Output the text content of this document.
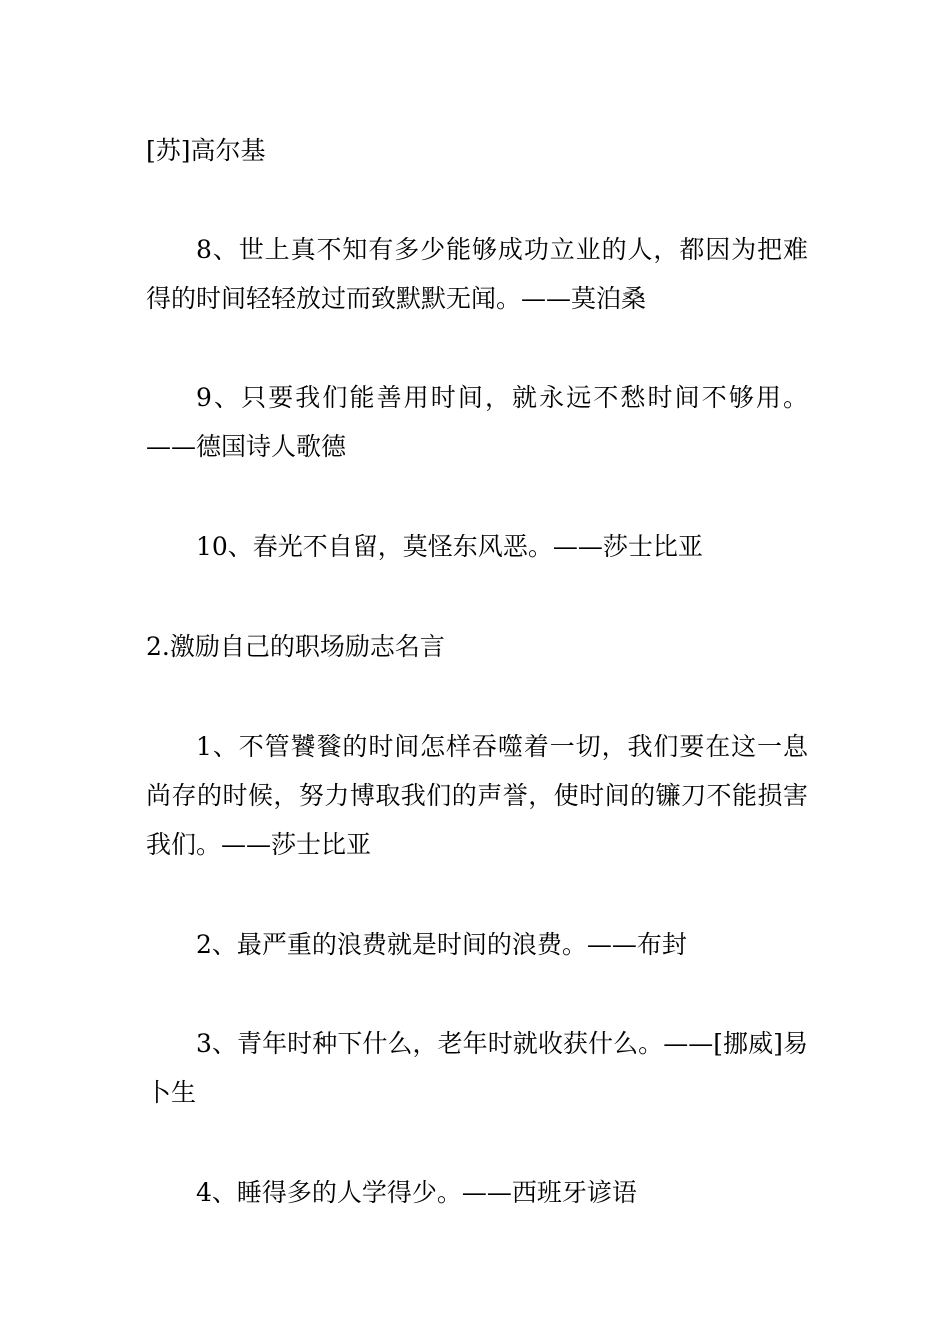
[苏]高尔基

8、世上真不知有多少能够成功立业的人，都因为把难得的时间轻轻放过而致默默无闻。——莫泊桑

9、只要我们能善用时间，就永远不愁时间不够用。——德国诗人歌德

10、春光不自留，莫怪东风恶。——莎士比亚

2.激励自己的职场励志名言

1、不管饕餮的时间怎样吞噬着一切，我们要在这一息尚存的时候，努力博取我们的声誉，使时间的镰刀不能损害我们。——莎士比亚

2、最严重的浪费就是时间的浪费。——布封

3、青年时种下什么，老年时就收获什么。——[挪威]易卜生

4、睡得多的人学得少。——西班牙谚语
